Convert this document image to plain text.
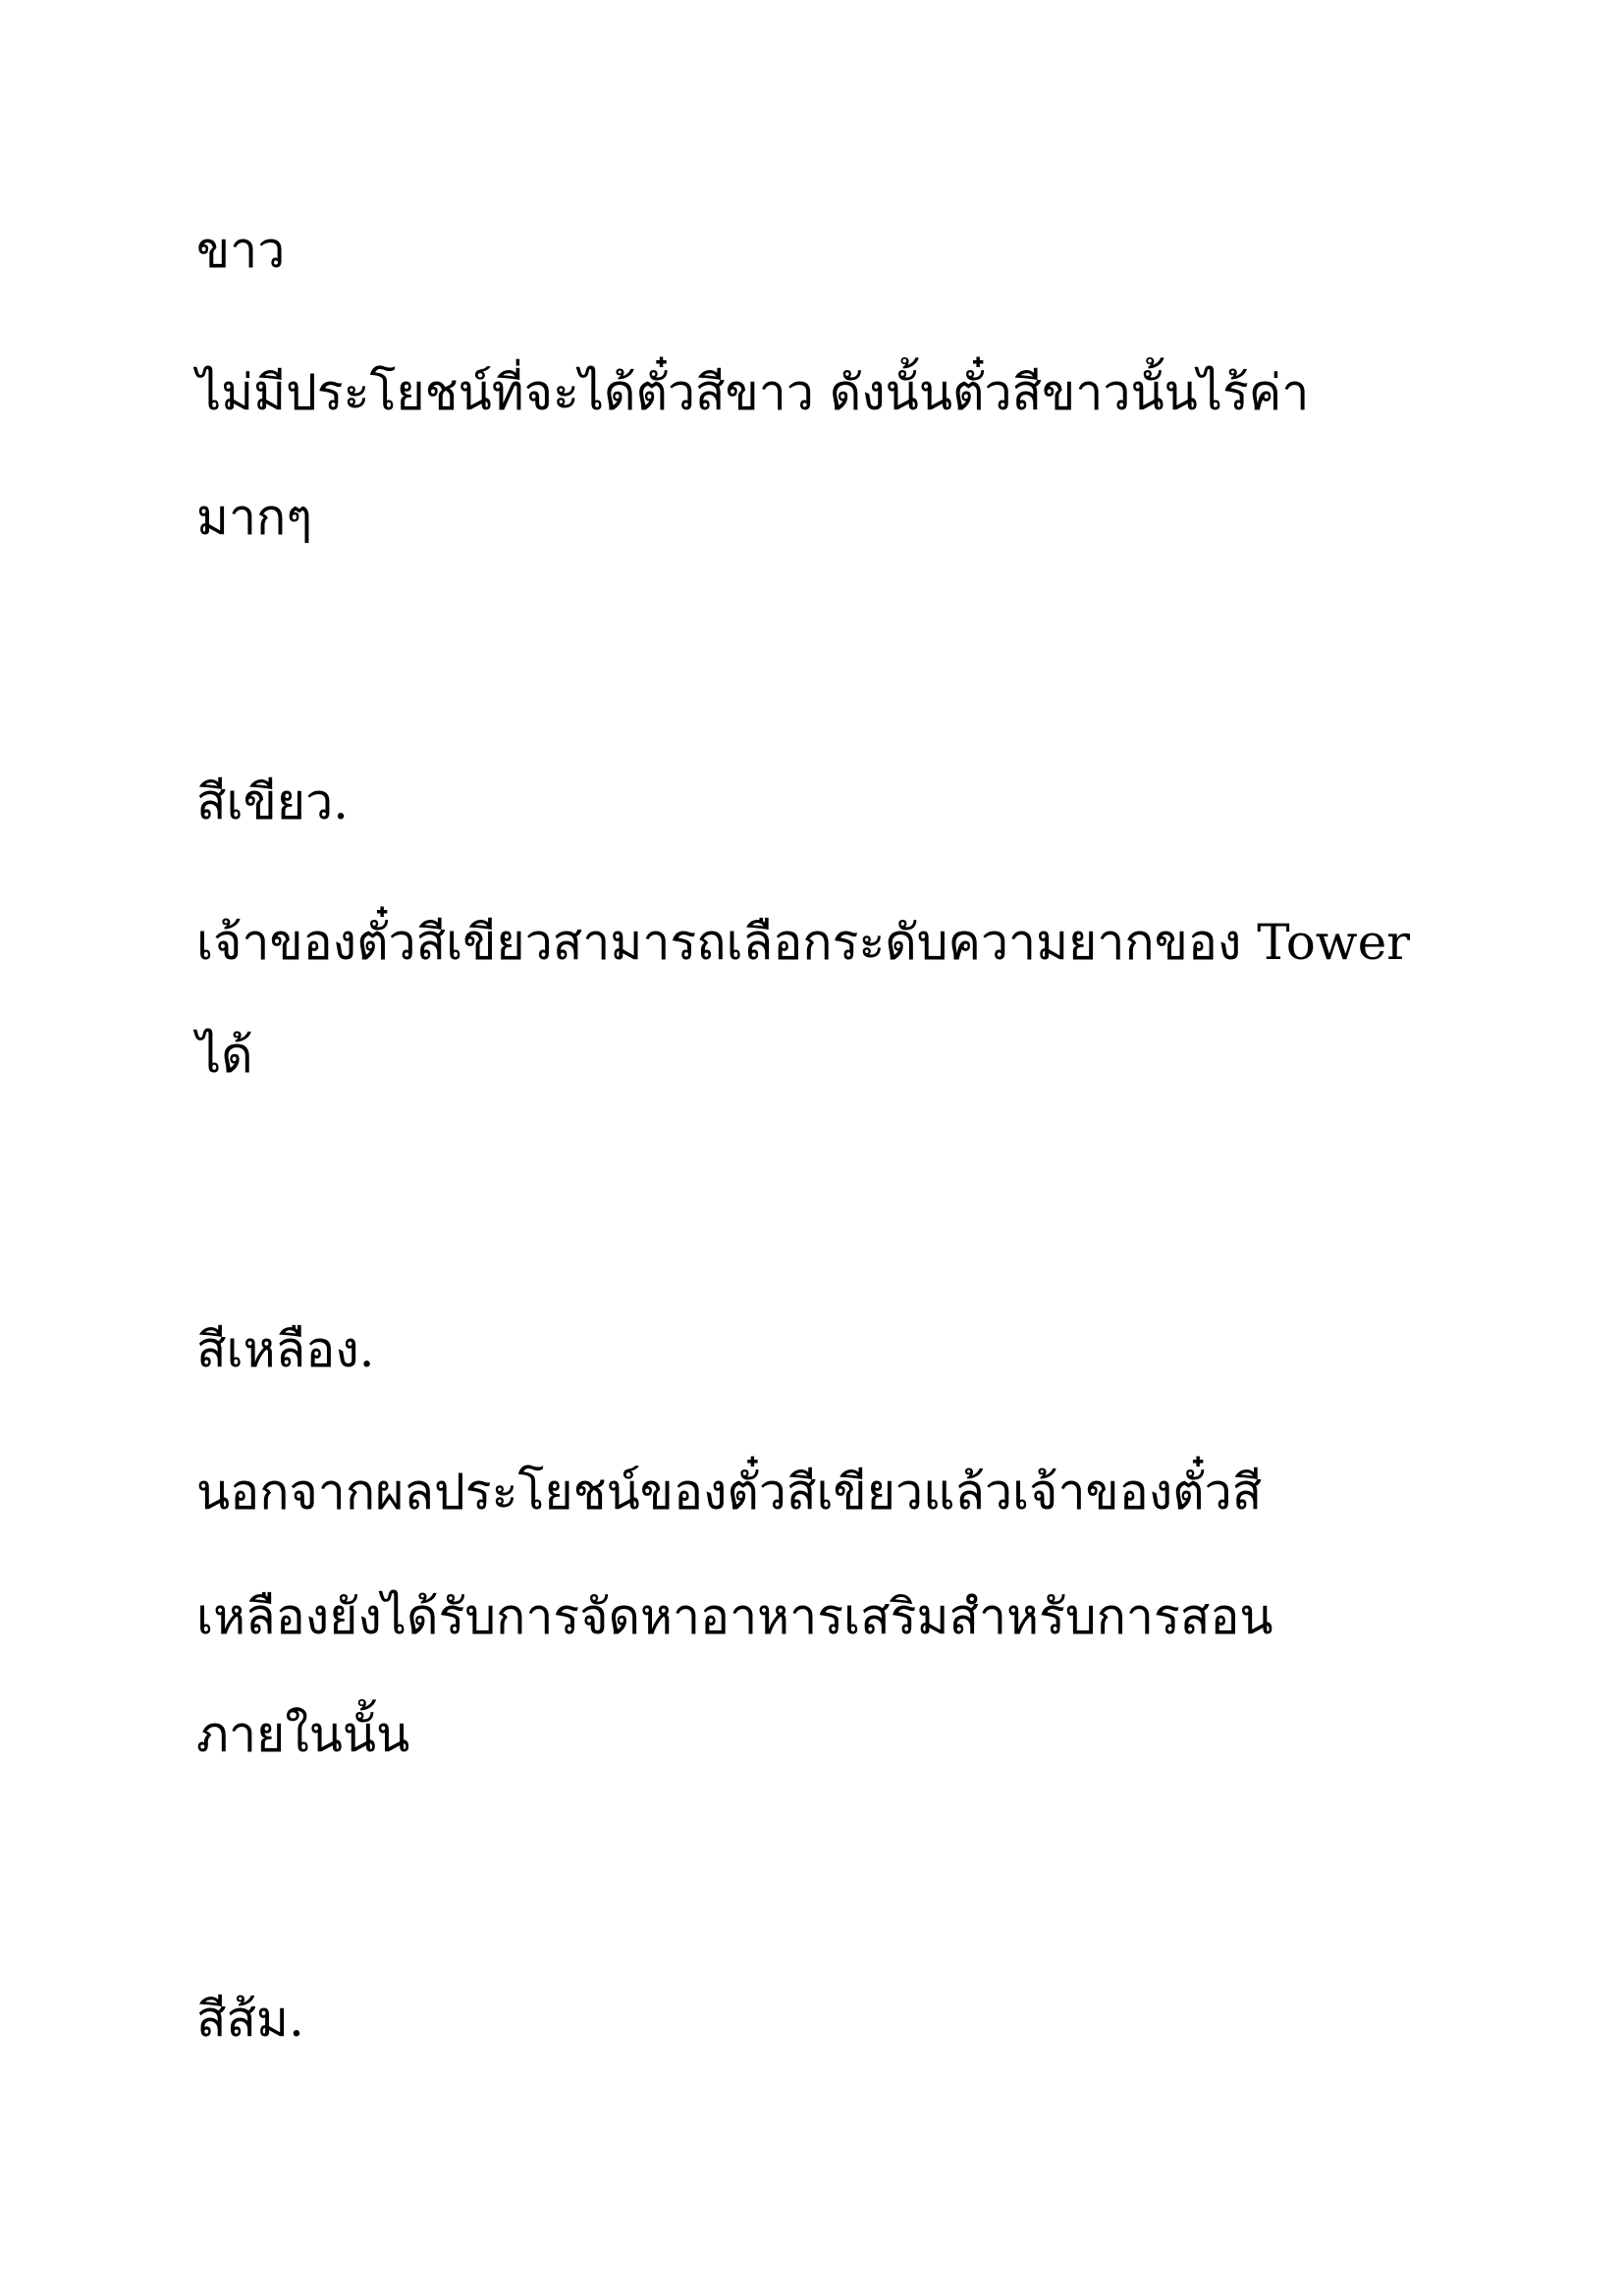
ขาว

ไม่มีประโยชน์ที่จะได้ตั๋วสีขาว ดังนั้นตั๋วสีขาวนั้นไร้ค่า

มากๆ

สีเขียว.

เจ้าของตั๋วสีเขียวสามารถเลือกระดับความยากของ Tower

ได้

สีเหลือง.

นอกจากผลประโยชน์ของตั๋วสีเขียวแล้วเจ้าของตั๋วสี

เหลืองยังได้รับการจัดหาอาหารเสริมสำหรับการสอน

ภายในนั้น

สีส้ม.
